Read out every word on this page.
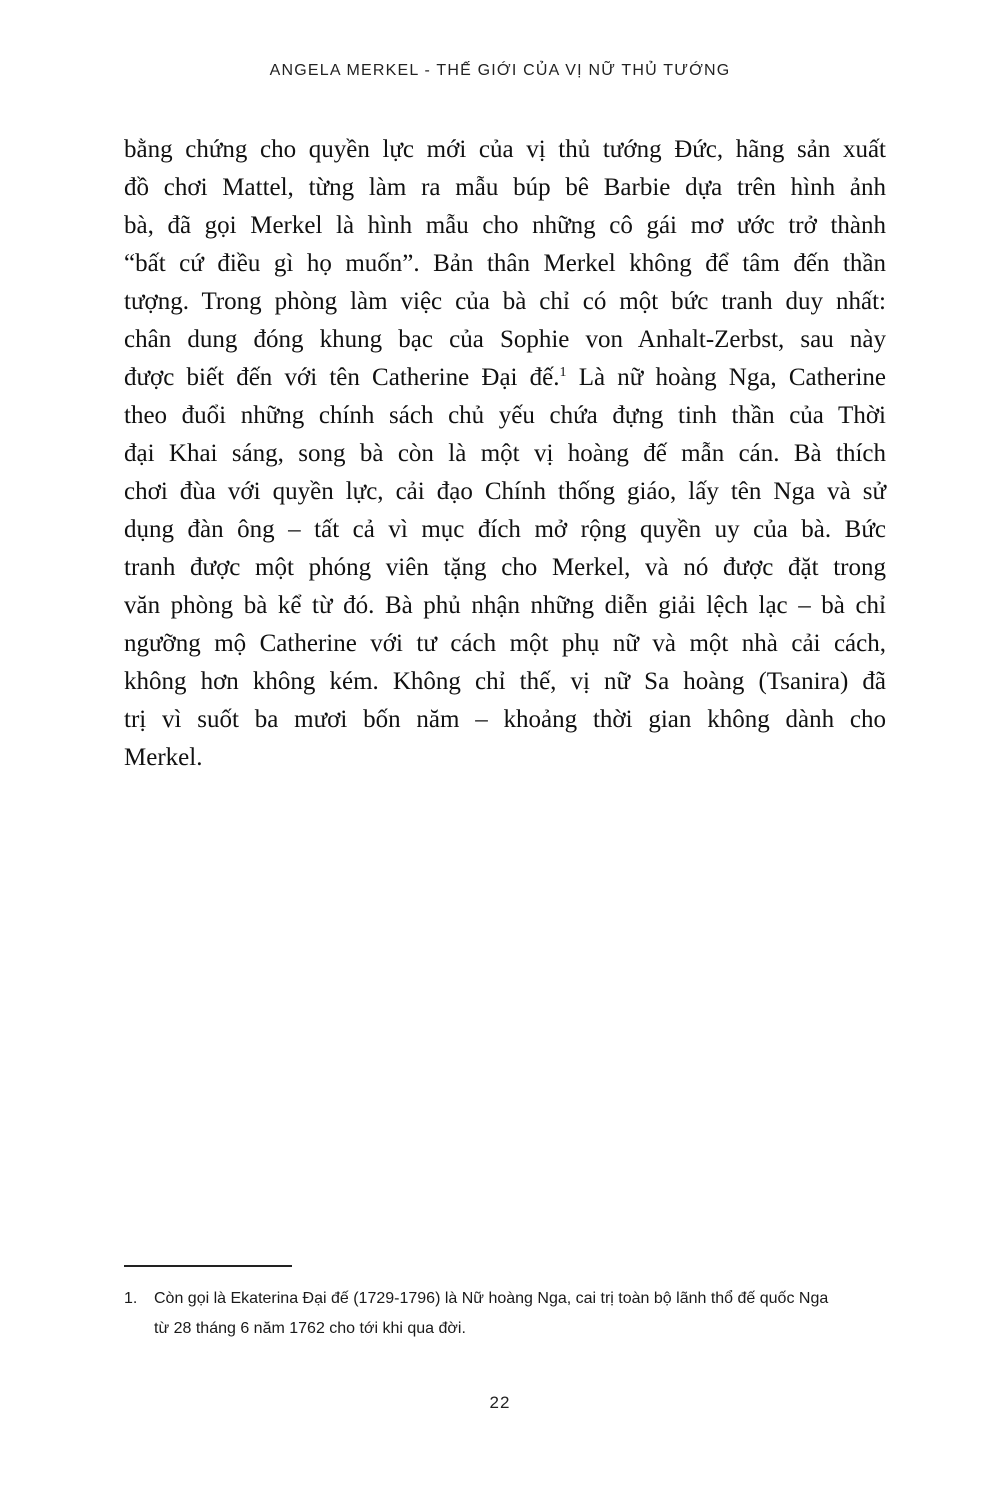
ANGELA MERKEL - THẾ GIỚI CỦA VỊ NỮ THỦ TƯỚNG
bằng chứng cho quyền lực mới của vị thủ tướng Đức, hãng sản xuất
đồ chơi Mattel, từng làm ra mẫu búp bê Barbie dựa trên hình ảnh
bà, đã gọi Merkel là hình mẫu cho những cô gái mơ ước trở thành
“bất cứ điều gì họ muốn”. Bản thân Merkel không để tâm đến thần
tượng. Trong phòng làm việc của bà chỉ có một bức tranh duy nhất:
chân dung đóng khung bạc của Sophie von Anhalt-Zerbst, sau này
được biết đến với tên Catherine Đại đế.$^1$ Là nữ hoàng Nga, Catherine
theo đuổi những chính sách chủ yếu chứa đựng tinh thần của Thời
đại Khai sáng, song bà còn là một vị hoàng đế mẫn cán. Bà thích
chơi đùa với quyền lực, cải đạo Chính thống giáo, lấy tên Nga và sử
dụng đàn ông – tất cả vì mục đích mở rộng quyền uy của bà. Bức
tranh được một phóng viên tặng cho Merkel, và nó được đặt trong
văn phòng bà kể từ đó. Bà phủ nhận những diễn giải lệch lạc – bà chỉ
ngưỡng mộ Catherine với tư cách một phụ nữ và một nhà cải cách,
không hơn không kém. Không chỉ thế, vị nữ Sa hoàng (Tsanira) đã
trị vì suốt ba mươi bốn năm – khoảng thời gian không dành cho
Merkel.
1.	Còn gọi là Ekaterina Đại đế (1729-1796) là Nữ hoàng Nga, cai trị toàn bộ lãnh thổ đế quốc Nga
từ 28 tháng 6 năm 1762 cho tới khi qua đời.
22
